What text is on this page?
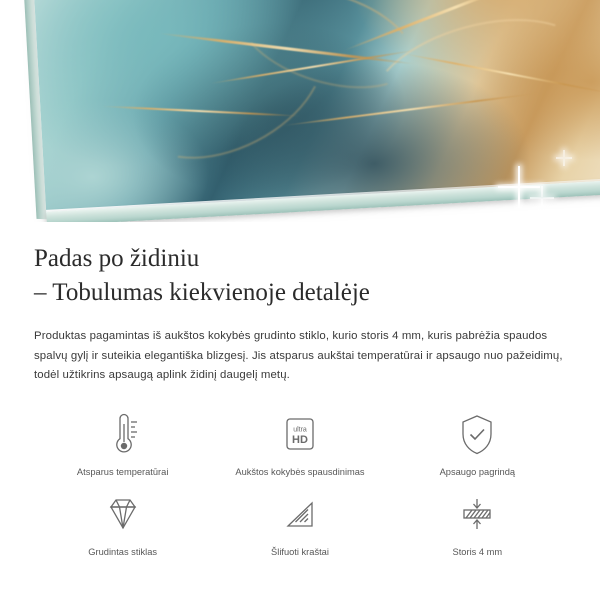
Padas po židiniu
– Tobulumas kiekvienoje detalėje

Produktas pagamintas iš aukštos kokybės grudinto stiklo, kurio storis 4 mm, kuris pabrėžia spaudos spalvų gylį ir suteikia elegantiška blizgesį. Jis atsparus aukštai temperatūrai ir apsaugo nuo pažeidimų, todėl užtikrins apsaugą aplink židinį daugelį metų.

Atsparus temperatūrai
ultra
HD
Aukštos kokybės spausdinimas	Apsaugo pagrindą
Grudintas stiklas	Šlifuoti kraštai	Storis 4 mm
